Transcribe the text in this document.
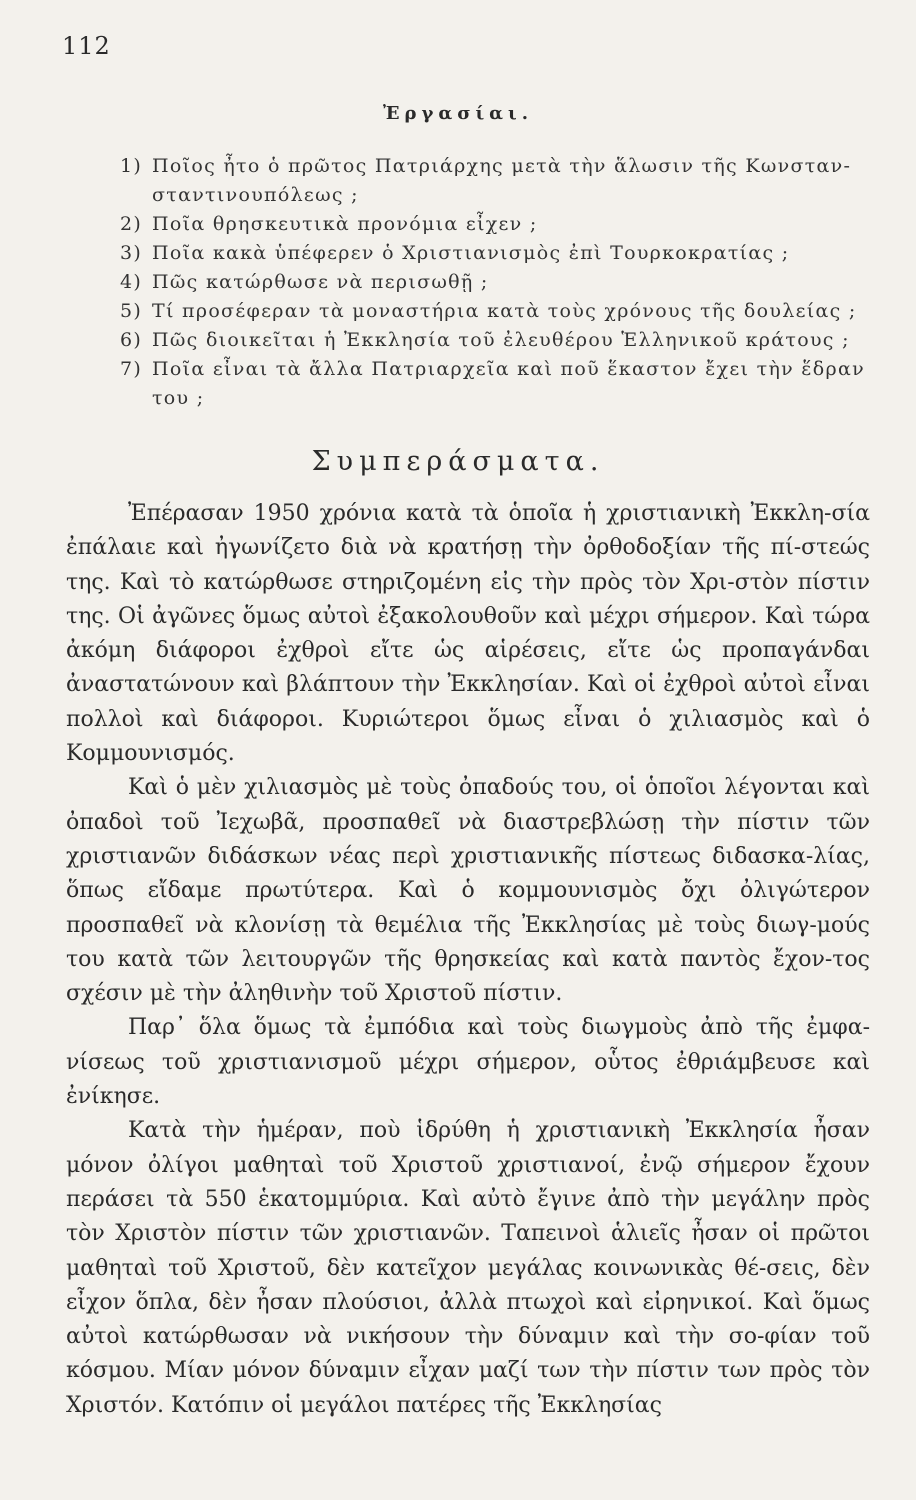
112
Ἐργασίαι.
1) Ποῖος ἦτο ὁ πρῶτος Πατριάρχης μετὰ τὴν ἅλωσιν τῆς Κωνσταν-σταντινουπόλεως ;
2) Ποῖα θρησκευτικὰ προνόμια εἶχεν ;
3) Ποῖα κακὰ ὑπέφερεν ὁ Χριστιανισμὸς ἐπὶ Τουρκοκρατίας ;
4) Πῶς κατώρθωσε νὰ περισωθῇ ;
5) Τί προσέφεραν τὰ μοναστήρια κατὰ τοὺς χρόνους τῆς δουλείας ;
6) Πῶς διοικεῖται ἡ Ἐκκλησία τοῦ ἐλευθέρου Ἑλληνικοῦ κράτους ;
7) Ποῖα εἶναι τὰ ἄλλα Πατριαρχεῖα καὶ ποῦ ἕκαστον ἔχει τὴν ἕδραν του ;
Συμπεράσματα.

Ἐπέρασαν 1950 χρόνια κατὰ τὰ ὁποῖα ἡ χριστιανικὴ Ἐκκλη-σία ἐπάλαιε καὶ ἠγωνίζετο διὰ νὰ κρατήσῃ τὴν ὀρθοδοξίαν τῆς πί-στεώς της. Καὶ τὸ κατώρθωσε στηριζομένη εἰς τὴν πρὸς τὸν Χρι-στὸν πίστιν της. Οἱ ἀγῶνες ὅμως αὐτοὶ ἐξακολουθοῦν καὶ μέχρι σήμερον. Καὶ τώρα ἀκόμη διάφοροι ἐχθροὶ εἴτε ὡς αἱρέσεις, εἴτε ὡς προπαγάνδαι ἀναστατώνουν καὶ βλάπτουν τὴν Ἐκκλησίαν. Καὶ οἱ ἐχθροὶ αὐτοὶ εἶναι πολλοὶ καὶ διάφοροι. Κυριώτεροι ὅμως εἶναι ὁ χιλιασμὸς καὶ ὁ Κομμουνισμός.

Καὶ ὁ μὲν χιλιασμὸς μὲ τοὺς ὀπαδούς του, οἱ ὁποῖοι λέγονται καὶ ὀπαδοὶ τοῦ Ἰεχωβᾶ, προσπαθεῖ νὰ διαστρεβλώσῃ τὴν πίστιν τῶν χριστιανῶν διδάσκων νέας περὶ χριστιανικῆς πίστεως διδασκα-λίας, ὅπως εἴδαμε πρωτύτερα. Καὶ ὁ κομμουνισμὸς ὄχι ὀλιγώτερον προσπαθεῖ νὰ κλονίσῃ τὰ θεμέλια τῆς Ἐκκλησίας μὲ τοὺς διωγ-μούς του κατὰ τῶν λειτουργῶν τῆς θρησκείας καὶ κατὰ παντὸς ἔχον-τος σχέσιν μὲ τὴν ἀληθινὴν τοῦ Χριστοῦ πίστιν.

Παρ᾿ ὅλα ὅμως τὰ ἐμπόδια καὶ τοὺς διωγμοὺς ἀπὸ τῆς ἐμφα-νίσεως τοῦ χριστιανισμοῦ μέχρι σήμερον, οὗτος ἐθριάμβευσε καὶ ἐνίκησε.

Κατὰ τὴν ἡμέραν, ποὺ ἱδρύθη ἡ χριστιανικὴ Ἐκκλησία ἦσαν μόνον ὀλίγοι μαθηταὶ τοῦ Χριστοῦ χριστιανοί, ἐνῷ σήμερον ἔχουν περάσει τὰ 550 ἑκατομμύρια. Καὶ αὐτὸ ἔγινε ἀπὸ τὴν μεγάλην πρὸς τὸν Χριστὸν πίστιν τῶν χριστιανῶν. Ταπεινοὶ ἁλιεῖς ἦσαν οἱ πρῶτοι μαθηταὶ τοῦ Χριστοῦ, δὲν κατεῖχον μεγάλας κοινωνικὰς θέ-σεις, δὲν εἶχον ὅπλα, δὲν ἦσαν πλούσιοι, ἀλλὰ πτωχοὶ καὶ εἰρηνικοί. Καὶ ὅμως αὐτοὶ κατώρθωσαν νὰ νικήσουν τὴν δύναμιν καὶ τὴν σο-φίαν τοῦ κόσμου. Μίαν μόνον δύναμιν εἶχαν μαζί των τὴν πίστιν των πρὸς τὸν Χριστόν. Κατόπιν οἱ μεγάλοι πατέρες τῆς Ἐκκλησίας
